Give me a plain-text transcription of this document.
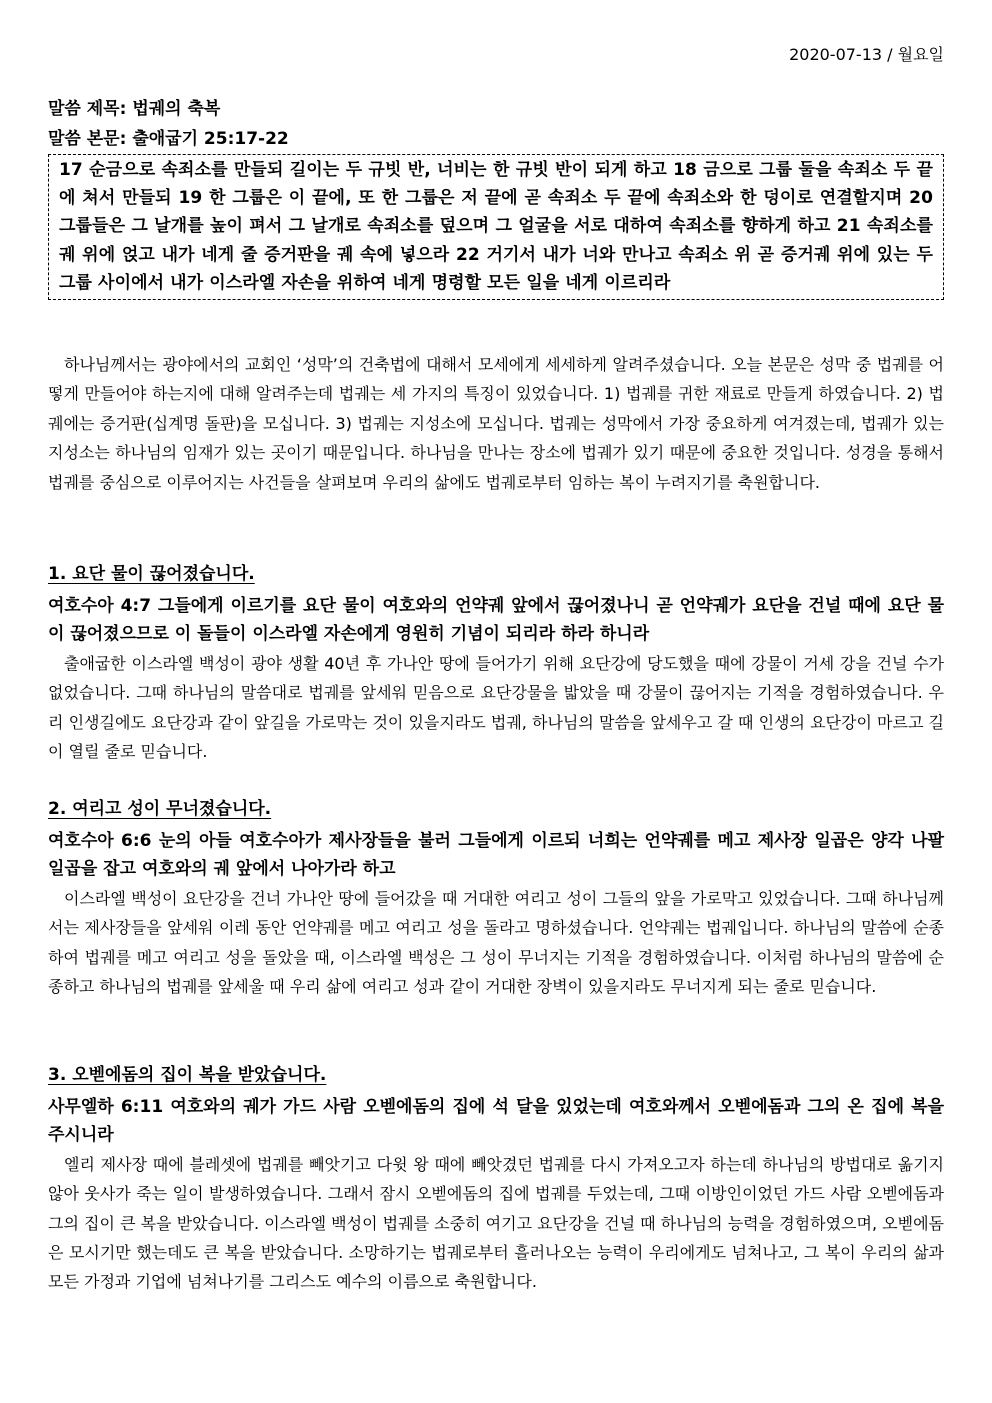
2020-07-13 / 월요일
말씀 제목: 법궤의 축복
말씀 본문: 출애굽기 25:17-22
17 순금으로 속죄소를 만들되 길이는 두 규빗 반, 너비는 한 규빗 반이 되게 하고 18 금으로 그룹 둘을 속죄소 두 끝에 쳐서 만들되 19 한 그룹은 이 끝에, 또 한 그룹은 저 끝에 곧 속죄소 두 끝에 속죄소와 한 덩이로 연결할지며 20 그룹들은 그 날개를 높이 펴서 그 날개로 속죄소를 덮으며 그 얼굴을 서로 대하여 속죄소를 향하게 하고 21 속죄소를 궤 위에 얹고 내가 네게 줄 증거판을 궤 속에 넣으라 22 거기서 내가 너와 만나고 속죄소 위 곧 증거궤 위에 있는 두 그룹 사이에서 내가 이스라엘 자손을 위하여 네게 명령할 모든 일을 네게 이르리라

하나님께서는 광야에서의 교회인 ‘성막’의 건축법에 대해서 모세에게 세세하게 알려주셨습니다. 오늘 본문은 성막 중 법궤를 어떻게 만들어야 하는지에 대해 알려주는데 법궤는 세 가지의 특징이 있었습니다. 1) 법궤를 귀한 재료로 만들게 하였습니다. 2) 법궤에는 증거판(십계명 돌판)을 모십니다. 3) 법궤는 지성소에 모십니다. 법궤는 성막에서 가장 중요하게 여겨졌는데, 법궤가 있는 지성소는 하나님의 임재가 있는 곳이기 때문입니다. 하나님을 만나는 장소에 법궤가 있기 때문에 중요한 것입니다. 성경을 통해서 법궤를 중심으로 이루어지는 사건들을 살펴보며 우리의 삶에도 법궤로부터 임하는 복이 누려지기를 축원합니다.

1. 요단 물이 끊어졌습니다.

여호수아 4:7 그들에게 이르기를 요단 물이 여호와의 언약궤 앞에서 끊어졌나니 곧 언약궤가 요단을 건널 때에 요단 물이 끊어졌으므로 이 돌들이 이스라엘 자손에게 영원히 기념이 되리라 하라 하니라

출애굽한 이스라엘 백성이 광야 생활 40년 후 가나안 땅에 들어가기 위해 요단강에 당도했을 때에 강물이 거세 강을 건널 수가 없었습니다. 그때 하나님의 말씀대로 법궤를 앞세워 믿음으로 요단강물을 밟았을 때 강물이 끊어지는 기적을 경험하였습니다. 우리 인생길에도 요단강과 같이 앞길을 가로막는 것이 있을지라도 법궤, 하나님의 말씀을 앞세우고 갈 때 인생의 요단강이 마르고 길이 열릴 줄로 믿습니다.

2. 여리고 성이 무너졌습니다.

여호수아 6:6 눈의 아들 여호수아가 제사장들을 불러 그들에게 이르되 너희는 언약궤를 메고 제사장 일곱은 양각 나팔 일곱을 잡고 여호와의 궤 앞에서 나아가라 하고

이스라엘 백성이 요단강을 건너 가나안 땅에 들어갔을 때 거대한 여리고 성이 그들의 앞을 가로막고 있었습니다. 그때 하나님께서는 제사장들을 앞세워 이레 동안 언약궤를 메고 여리고 성을 돌라고 명하셨습니다. 언약궤는 법궤입니다. 하나님의 말씀에 순종하여 법궤를 메고 여리고 성을 돌았을 때, 이스라엘 백성은 그 성이 무너지는 기적을 경험하였습니다. 이처럼 하나님의 말씀에 순종하고 하나님의 법궤를 앞세울 때 우리 삶에 여리고 성과 같이 거대한 장벽이 있을지라도 무너지게 되는 줄로 믿습니다.

3. 오벧에돔의 집이 복을 받았습니다.

사무엘하 6:11 여호와의 궤가 가드 사람 오벧에돔의 집에 석 달을 있었는데 여호와께서 오벧에돔과 그의 온 집에 복을 주시니라

엘리 제사장 때에 블레셋에 법궤를 빼앗기고 다윗 왕 때에 빼앗겼던 법궤를 다시 가져오고자 하는데 하나님의 방법대로 옮기지 않아 웃사가 죽는 일이 발생하였습니다. 그래서 잠시 오벧에돔의 집에 법궤를 두었는데, 그때 이방인이었던 가드 사람 오벧에돔과 그의 집이 큰 복을 받았습니다. 이스라엘 백성이 법궤를 소중히 여기고 요단강을 건널 때 하나님의 능력을 경험하였으며, 오벧에돔은 모시기만 했는데도 큰 복을 받았습니다. 소망하기는 법궤로부터 흘러나오는 능력이 우리에게도 넘쳐나고, 그 복이 우리의 삶과 모든 가정과 기업에 넘쳐나기를 그리스도 예수의 이름으로 축원합니다.
